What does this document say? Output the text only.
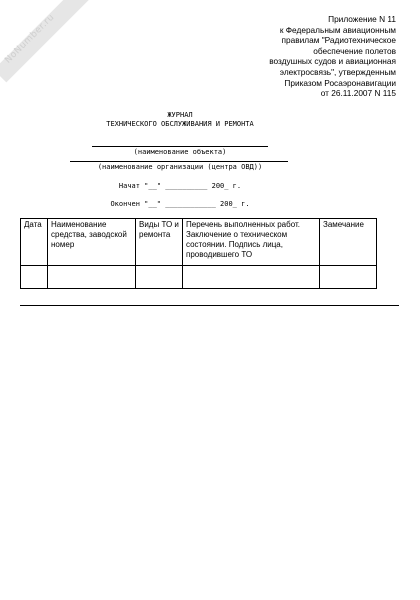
NoNumber.ru	Приложение N 11
к Федеральным авиационным
правилам "Радиотехническое
обеспечение полетов
воздушных судов и авиационная
электросвязь", утвержденным
Приказом Росаэронавигации
от 26.11.2007 N 115
ЖУРНАЛ
ТЕХНИЧЕСКОГО ОБСЛУЖИВАНИЯ И РЕМОНТА
(наименование объекта)
(наименование организации (центра ОВД))
Начат "__" __________ 200_ г.
Окончен "__" ____________ 200_ г.
Дата	Наименование средства, заводской номер	Виды ТО и ремонта	Перечень выполненных работ. Заключение о техническом состоянии. Подпись лица, проводившего ТО	Замечание
